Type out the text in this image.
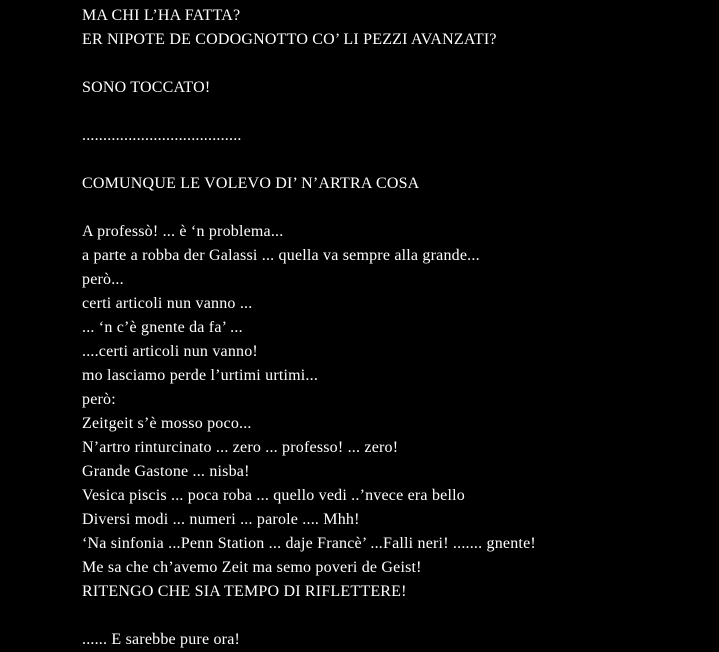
MA CHI L’HA FATTA?
ER NIPOTE DE CODOGNOTTO CO’ LI PEZZI AVANZATI?
SONO TOCCATO!
......................................
COMUNQUE LE VOLEVO DI’ N’ARTRA COSA
A professò! ... è ‘n problema...
a parte a robba der Galassi ... quella va sempre alla grande...
però...
certi articoli nun vanno ...
... ‘n c’è gnente da fa’ ...
....certi articoli nun vanno!
mo lasciamo perde l’urtimi urtimi...
però:
Zeitgeit s’è mosso poco...
N’artro rinturcinato ... zero ... professo! ... zero!
Grande Gastone ... nisba!
Vesica piscis ... poca roba ... quello vedi ..’nvece era bello
Diversi modi ... numeri ... parole .... Mhh!
‘Na sinfonia ...Penn Station ... daje Francè’ ...Falli neri! ....... gnente!
Me sa che ch’avemo Zeit ma semo poveri de Geist!
RITENGO CHE SIA TEMPO DI RIFLETTERE!
...... E sarebbe pure ora!
